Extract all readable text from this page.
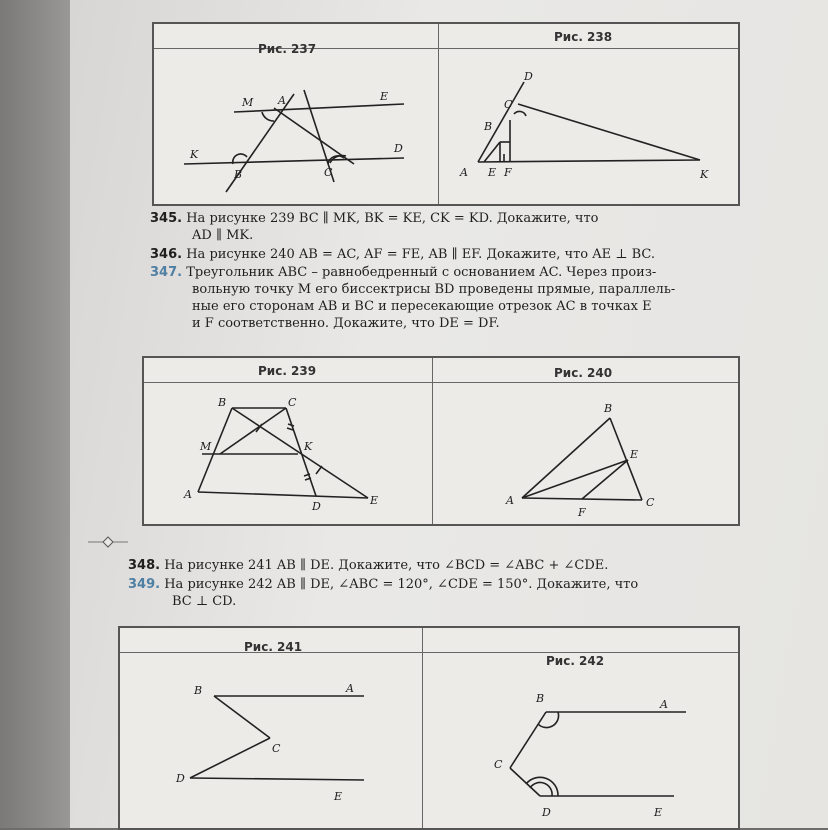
Рис. 237
Рис. 238
M A	E
K
B	C
D
D
C
B
A E F	K
345. На рисунке 239 BC ∥ MK, BK = KE, CK = KD. Докажите, что
AD ∥ MK.
346. На рисунке 240 AB = AC, AF = FE, AB ∥ EF. Докажите, что AE ⊥ BC.
347. Треугольник ABC – равнобедренный с основанием AC. Через произ-
вольную точку M его биссектрисы BD проведены прямые, параллель-
ные его сторонам AB и BC и пересекающие отрезок AC в точках E
и F соответственно. Докажите, что DE = DF.
Рис. 239	Рис. 240
B	C
M	K
A
D	E
B
E
A
F
C
348. На рисунке 241 AB ∥ DE. Докажите, что ∠BCD = ∠ABC + ∠CDE.
349. На рисунке 242 AB ∥ DE, ∠ABC = 120°, ∠CDE = 150°. Докажите, что
BC ⊥ CD.
Рис. 241
Рис. 242
B	A
C
D
E
B	A
C
D	E
